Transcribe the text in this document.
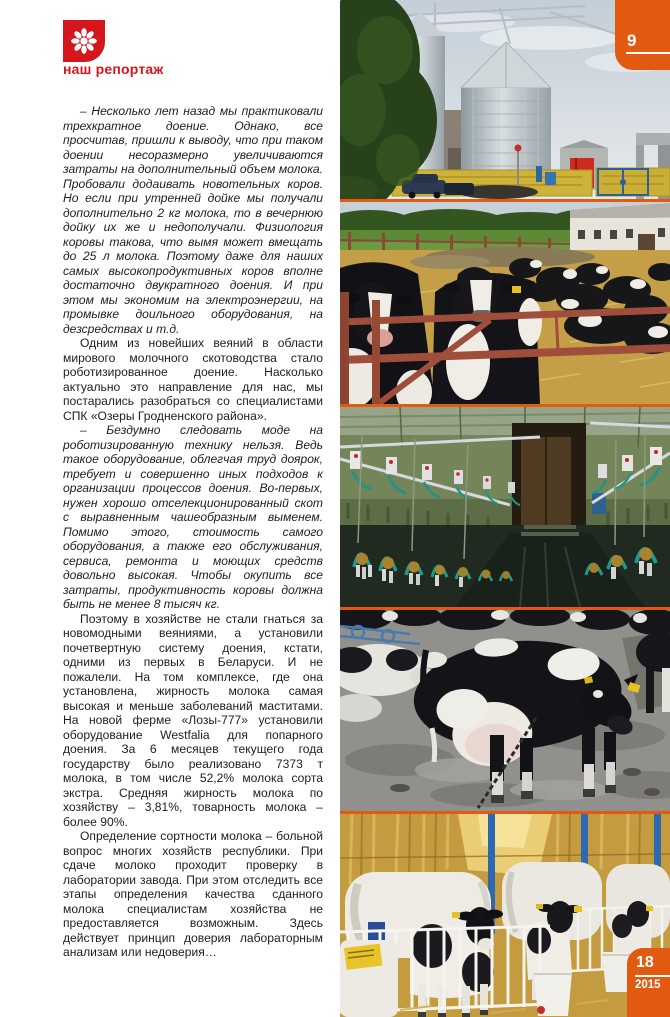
наш репортаж

– Несколько лет назад мы практиковали трехкратное доение. Однако, все просчитав, пришли к выводу, что при таком доении несоразмерно увеличиваются затраты на дополнительный объем молока. Пробовали додаивать новотельных коров. Но если при утренней дойке мы получали дополнительно 2 кг молока, то в вечернюю дойку их же и недополучали. Физиология коровы такова, что вымя может вмещать до 25 л молока. Поэтому даже для наших самых высокопродуктивных коров вполне достаточно двукратного доения. И при этом мы экономим на электроэнергии, на промывке доильного оборудования, на дезсредствах и т.д.

Одним из новейших веяний в области мирового молочного скотоводства стало роботизированное доение. Насколько актуально это направление для нас, мы постарались разобраться со специалистами СПК «Озеры Гродненского района».

– Бездумно следовать моде на роботизированную технику нельзя. Ведь такое оборудование, облегчая труд доярок, требует и совершенно иных подходов к организации процессов доения. Во-первых, нужен хорошо отселекционированный скот с выравненным чашеобразным выменем. Помимо этого, стоимость самого оборудования, а также его обслуживания, сервиса, ремонта и моющих средств довольно высокая. Чтобы окупить все затраты, продуктивность коровы должна быть не менее 8 тысяч кг.

Поэтому в хозяйстве не стали гнаться за новомодными веяниями, а установили почетвертную систему доения, кстати, одними из первых в Беларуси. И не пожалели. На том комплексе, где она установлена, жирность молока самая высокая и меньше заболеваний маститами. На новой ферме «Лозы-777» установили оборудование Westfalia для попарного доения. За 6 месяцев текущего года государству было реализовано 7373 т молока, в том числе 52,2% молока сорта экстра. Средняя жирность молока по хозяйству – 3,81%, товарность молока – более 90%.

Определение сортности молока – больной вопрос многих хозяйств республики. При сдаче молоко проходит проверку в лаборатории завода. При этом отследить все этапы определения качества сданного молока специалистам хозяйства не предоставляется возможным. Здесь действует принцип доверия лабораторным анализам или недоверия…

9
18
2015
